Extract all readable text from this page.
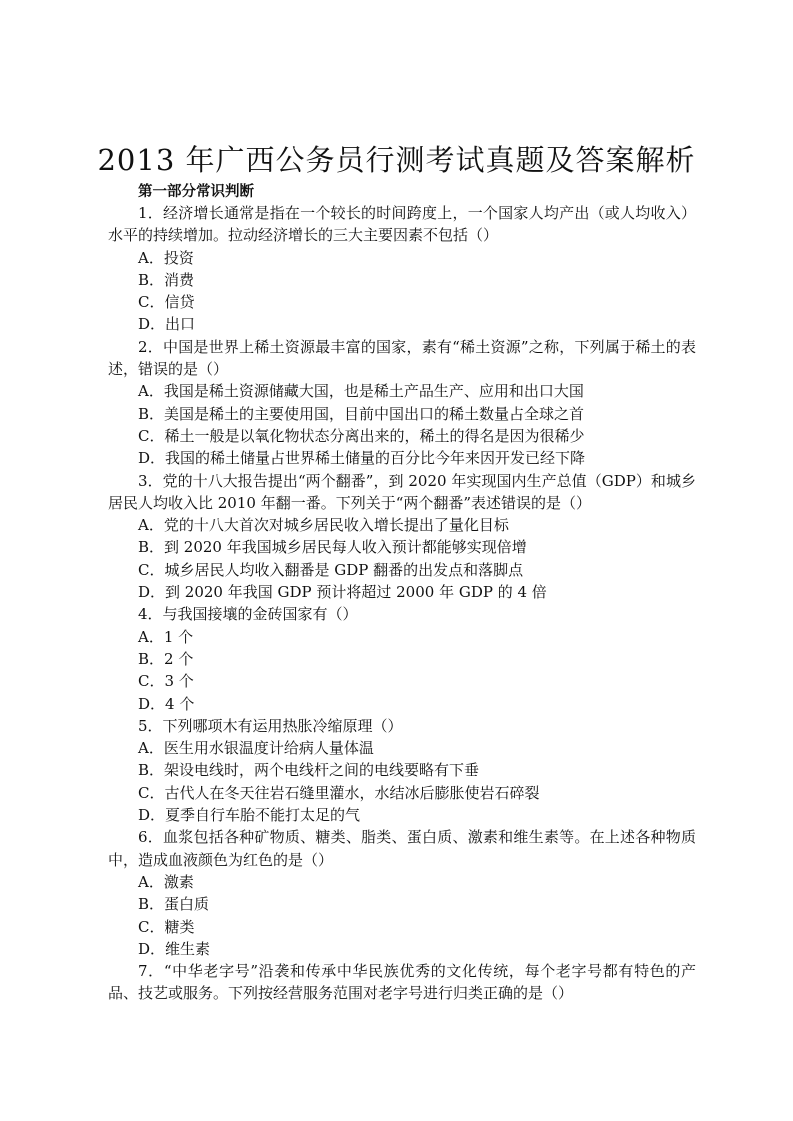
2013 年广西公务员行测考试真题及答案解析
第一部分常识判断

1．经济增长通常是指在一个较长的时间跨度上，一个国家人均产出（或人均收入）水平的持续增加。拉动经济增长的三大主要因素不包括（）

A．投资

B．消费

C．信贷

D．出口

2．中国是世界上稀土资源最丰富的国家，素有“稀土资源”之称，下列属于稀土的表述，错误的是（）

A．我国是稀土资源储藏大国，也是稀土产品生产、应用和出口大国

B．美国是稀土的主要使用国，目前中国出口的稀土数量占全球之首

C．稀土一般是以氧化物状态分离出来的，稀土的得名是因为很稀少

D．我国的稀土储量占世界稀土储量的百分比今年来因开发已经下降

3．党的十八大报告提出“两个翻番”，到 2020 年实现国内生产总值（GDP）和城乡居民人均收入比 2010 年翻一番。下列关于“两个翻番”表述错误的是（）

A．党的十八大首次对城乡居民收入增长提出了量化目标

B．到 2020 年我国城乡居民每人收入预计都能够实现倍增

C．城乡居民人均收入翻番是 GDP 翻番的出发点和落脚点

D．到 2020 年我国 GDP 预计将超过 2000 年 GDP 的 4 倍

4．与我国接壤的金砖国家有（）

A．1 个

B．2 个

C．3 个

D．4 个

5．下列哪项木有运用热胀冷缩原理（）

A．医生用水银温度计给病人量体温

B．架设电线时，两个电线杆之间的电线要略有下垂

C．古代人在冬天往岩石缝里灌水，水结冰后膨胀使岩石碎裂

D．夏季自行车胎不能打太足的气

6．血浆包括各种矿物质、糖类、脂类、蛋白质、激素和维生素等。在上述各种物质中，造成血液颜色为红色的是（）

A．激素

B．蛋白质

C．糖类

D．维生素

7．“中华老字号”沿袭和传承中华民族优秀的文化传统，每个老字号都有特色的产品、技艺或服务。下列按经营服务范围对老字号进行归类正确的是（）
